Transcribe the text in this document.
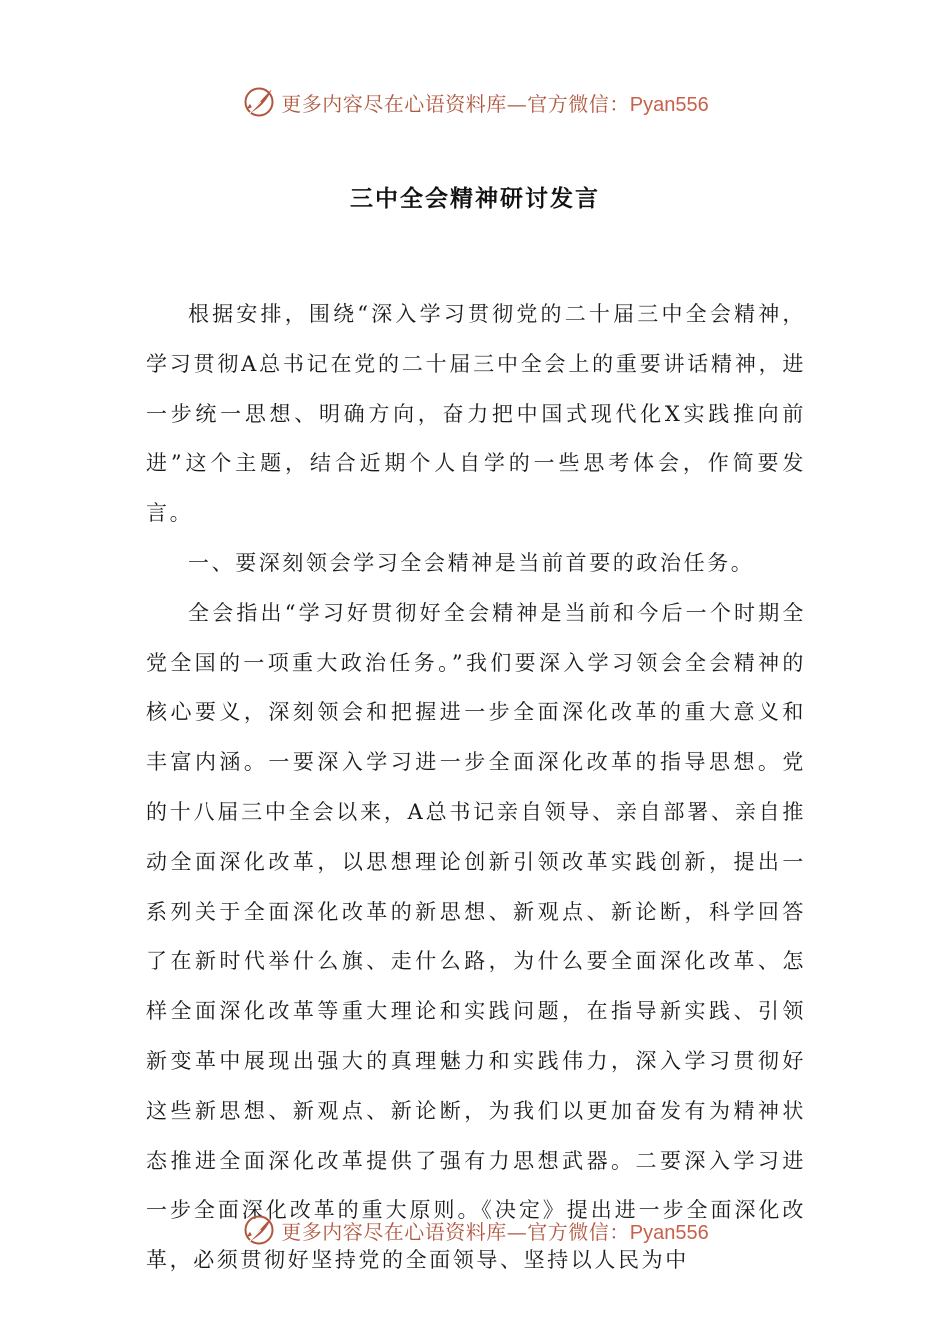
更多内容尽在心语资料库—官方微信：Pyan556
三中全会精神研讨发言

根据安排，围绕“深入学习贯彻党的二十届三中全会精神，学习贯彻A总书记在党的二十届三中全会上的重要讲话精神，进一步统一思想、明确方向，奋力把中国式现代化X实践推向前进”这个主题，结合近期个人自学的一些思考体会，作简要发言。

一、要深刻领会学习全会精神是当前首要的政治任务。

全会指出“学习好贯彻好全会精神是当前和今后一个时期全党全国的一项重大政治任务。”我们要深入学习领会全会精神的核心要义，深刻领会和把握进一步全面深化改革的重大意义和丰富内涵。一要深入学习进一步全面深化改革的指导思想。党的十八届三中全会以来，A总书记亲自领导、亲自部署、亲自推动全面深化改革，以思想理论创新引领改革实践创新，提出一系列关于全面深化改革的新思想、新观点、新论断，科学回答了在新时代举什么旗、走什么路，为什么要全面深化改革、怎样全面深化改革等重大理论和实践问题，在指导新实践、引领新变革中展现出强大的真理魅力和实践伟力，深入学习贯彻好这些新思想、新观点、新论断，为我们以更加奋发有为精神状态推进全面深化改革提供了强有力思想武器。二要深入学习进一步全面深化改革的重大原则。《决定》提出进一步全面深化改革，必须贯彻好坚持党的全面领导、坚持以人民为中

更多内容尽在心语资料库—官方微信：Pyan556
